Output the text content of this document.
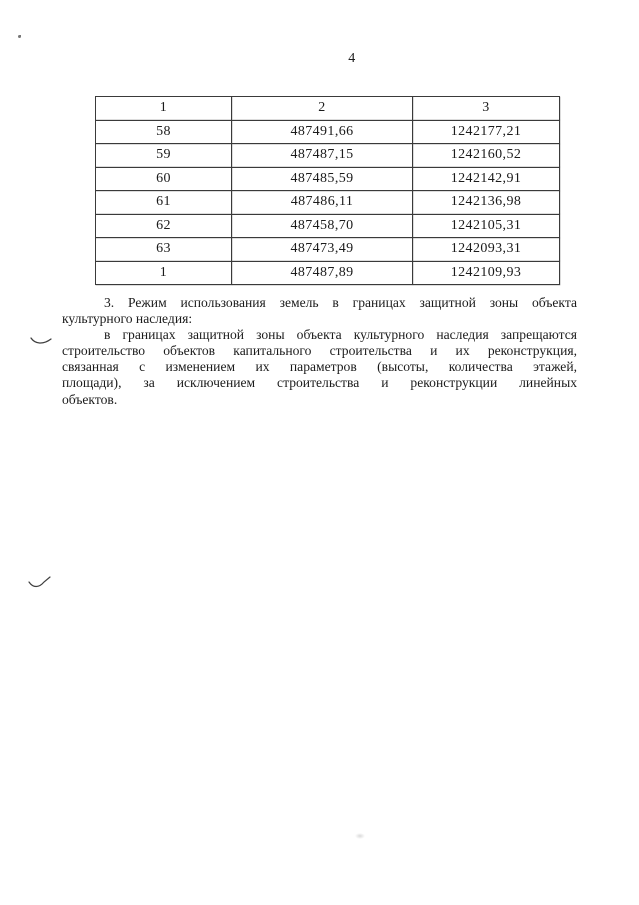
4
1	2	3
58	487491,66	1242177,21
59	487487,15	1242160,52
60	487485,59	1242142,91
61	487486,11	1242136,98
62	487458,70	1242105,31
63	487473,49	1242093,31
1	487487,89	1242109,93
3. Режим использования земель в границах защитной зоны объекта
культурного наследия:
в границах защитной зоны объекта культурного наследия запрещаются
строительство объектов капитального строительства и их реконструкция,
связанная с изменением их параметров (высоты, количества этажей,
площади), за исключением строительства и реконструкции линейных
объектов.
